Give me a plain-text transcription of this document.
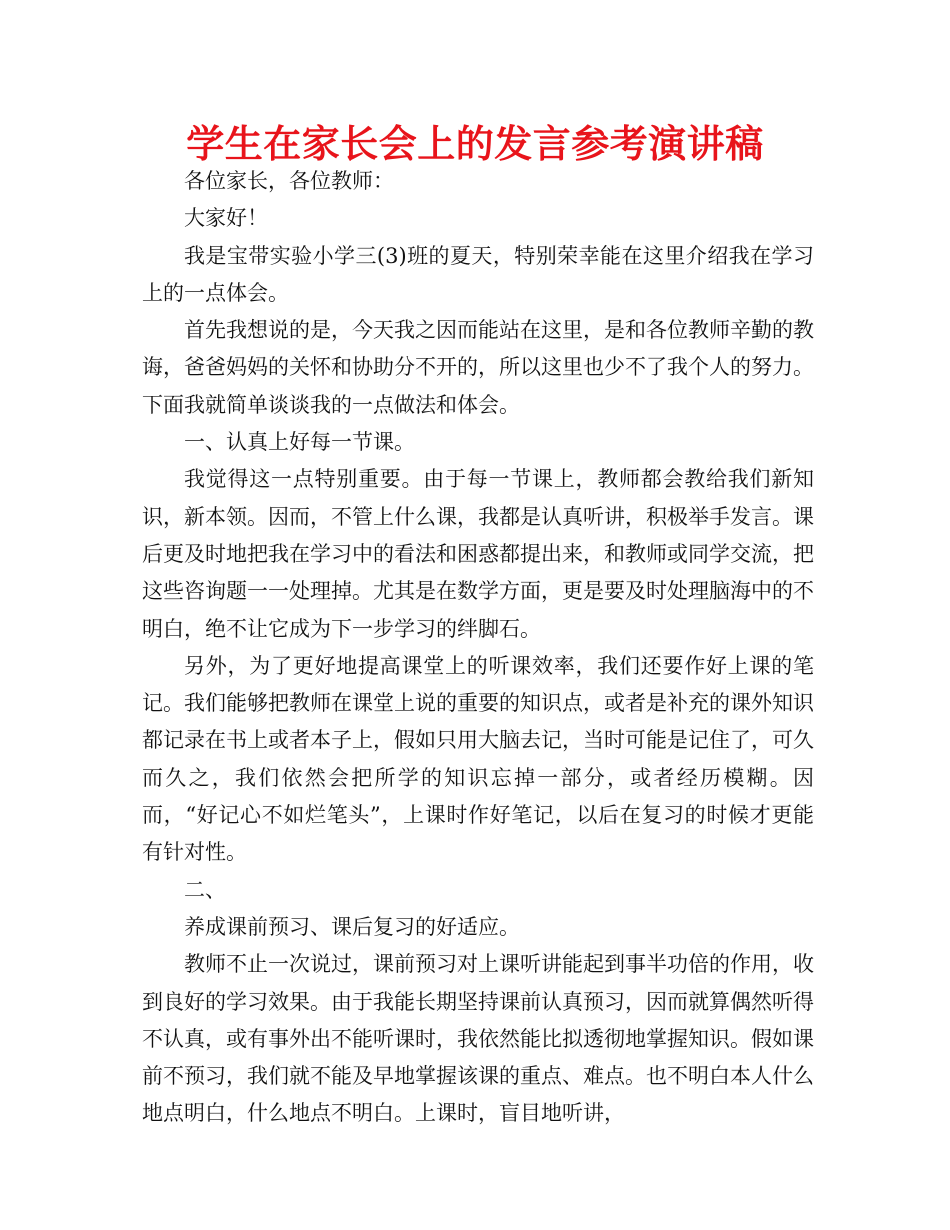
学生在家长会上的发言参考演讲稿

各位家长，各位教师：

大家好！

我是宝带实验小学三(3)班的夏天，特别荣幸能在这里介绍我在学习上的一点体会。

首先我想说的是，今天我之因而能站在这里，是和各位教师辛勤的教诲，爸爸妈妈的关怀和协助分不开的，所以这里也少不了我个人的努力。下面我就简单谈谈我的一点做法和体会。

一、认真上好每一节课。

我觉得这一点特别重要。由于每一节课上，教师都会教给我们新知识，新本领。因而，不管上什么课，我都是认真听讲，积极举手发言。课后更及时地把我在学习中的看法和困惑都提出来，和教师或同学交流，把这些咨询题一一处理掉。尤其是在数学方面，更是要及时处理脑海中的不明白，绝不让它成为下一步学习的绊脚石。

另外，为了更好地提高课堂上的听课效率，我们还要作好上课的笔记。我们能够把教师在课堂上说的重要的知识点，或者是补充的课外知识都记录在书上或者本子上，假如只用大脑去记，当时可能是记住了，可久而久之，我们依然会把所学的知识忘掉一部分，或者经历模糊。因而，“好记心不如烂笔头”，上课时作好笔记，以后在复习的时候才更能有针对性。

二、

养成课前预习、课后复习的好适应。

教师不止一次说过，课前预习对上课听讲能起到事半功倍的作用，收到良好的学习效果。由于我能长期坚持课前认真预习，因而就算偶然听得不认真，或有事外出不能听课时，我依然能比拟透彻地掌握知识。假如课前不预习，我们就不能及早地掌握该课的重点、难点。也不明白本人什么地点明白，什么地点不明白。上课时，盲目地听讲，
